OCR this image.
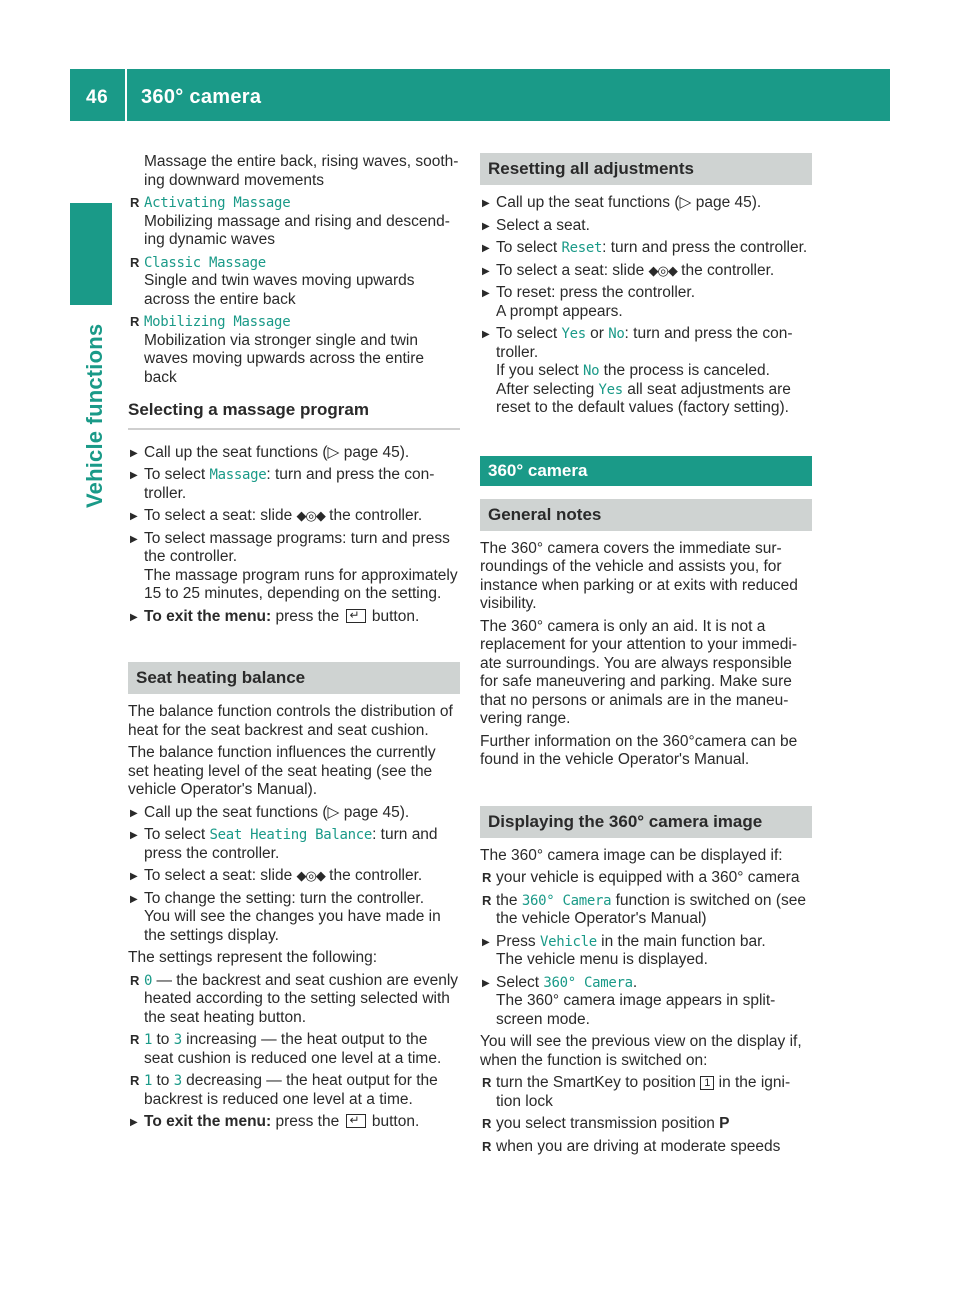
46 360° camera
Vehicle functions

Massage the entire back, rising waves, sooth-ing downward movements

R Activating Massage
Mobilizing massage and rising and descend-ing dynamic waves
R Classic Massage
Single and twin waves moving upwards across the entire back
R Mobilizing Massage
Mobilization via stronger single and twin waves moving upwards across the entire back
Selecting a massage program
▶ Call up the seat functions (▷ page 45).
▶ To select Massage: turn and press the con-troller.
▶ To select a seat: slide ◆◎◆ the controller.
▶ To select massage programs: turn and press the controller.
The massage program runs for approximately 15 to 25 minutes, depending on the setting.
▶ To exit the menu: press the ↵ button.
Seat heating balance

The balance function controls the distribution of heat for the seat backrest and seat cushion.

The balance function influences the currently set heating level of the seat heating (see the vehicle Operator's Manual).

▶ Call up the seat functions (▷ page 45).
▶ To select Seat Heating Balance: turn and press the controller.
▶ To select a seat: slide ◆◎◆ the controller.
▶ To change the setting: turn the controller.
You will see the changes you have made in the settings display.

The settings represent the following:

R 0 — the backrest and seat cushion are evenly heated according to the setting selected with the seat heating button.
R 1 to 3 increasing — the heat output to the seat cushion is reduced one level at a time.
R 1 to 3 decreasing — the heat output for the backrest is reduced one level at a time.
▶ To exit the menu: press the ↵ button.
Resetting all adjustments
▶ Call up the seat functions (▷ page 45).
▶ Select a seat.
▶ To select Reset: turn and press the controller.
▶ To select a seat: slide ◆◎◆ the controller.
▶ To reset: press the controller.
A prompt appears.
▶ To select Yes or No: turn and press the con-troller.
If you select No the process is canceled.
After selecting Yes all seat adjustments are reset to the default values (factory setting).
360° camera
General notes

The 360° camera covers the immediate sur-roundings of the vehicle and assists you, for instance when parking or at exits with reduced visibility.

The 360° camera is only an aid. It is not a replacement for your attention to your immedi-ate surroundings. You are always responsible for safe maneuvering and parking. Make sure that no persons or animals are in the maneu-vering range.

Further information on the 360°camera can be found in the vehicle Operator's Manual.

Displaying the 360° camera image

The 360° camera image can be displayed if:

R your vehicle is equipped with a 360° camera
R the 360° Camera function is switched on (see the vehicle Operator's Manual)
▶ Press Vehicle in the main function bar.
The vehicle menu is displayed.
▶ Select 360° Camera.
The 360° camera image appears in split-screen mode.

You will see the previous view on the display if, when the function is switched on:

R turn the SmartKey to position 1 in the igni-tion lock
R you select transmission position P
R when you are driving at moderate speeds
